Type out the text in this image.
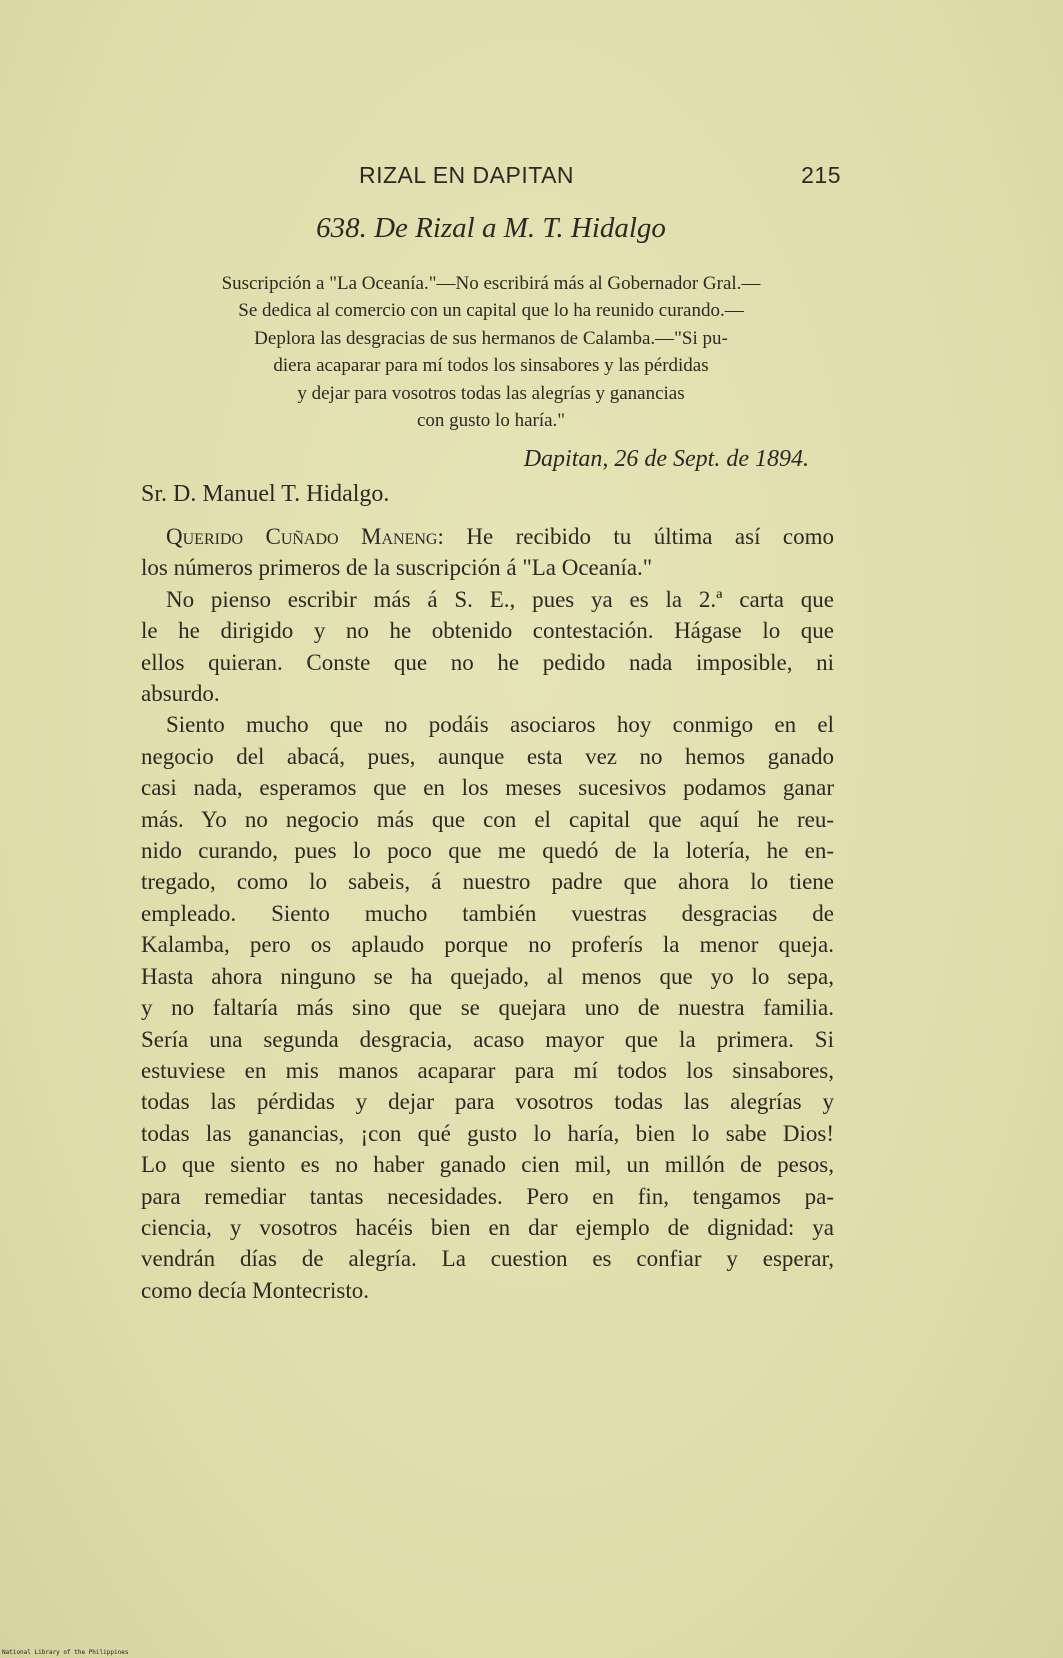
RIZAL EN DAPITAN	215
638. De Rizal a M. T. Hidalgo
Suscripción a "La Oceanía."—No escribirá más al Gobernador Gral.—
Se dedica al comercio con un capital que lo ha reunido curando.—
Deplora las desgracias de sus hermanos de Calamba.—"Si pu-
diera acaparar para mí todos los sinsabores y las pérdidas
y dejar para vosotros todas las alegrías y ganancias
con gusto lo haría."
Dapitan, 26 de Sept. de 1894.
Sr. D. Manuel T. Hidalgo.

Querido Cuñado Maneng: He recibido tu última así como
los números primeros de la suscripción á "La Oceanía."

No pienso escribir más á S. E., pues ya es la 2.ª carta que
le he dirigido y no he obtenido contestación. Hágase lo que
ellos quieran. Conste que no he pedido nada imposible, ni
absurdo.

Siento mucho que no podáis asociaros hoy conmigo en el
negocio del abacá, pues, aunque esta vez no hemos ganado
casi nada, esperamos que en los meses sucesivos podamos ganar
más. Yo no negocio más que con el capital que aquí he reu-
nido curando, pues lo poco que me quedó de la lotería, he en-
tregado, como lo sabeis, á nuestro padre que ahora lo tiene
empleado. Siento mucho también vuestras desgracias de
Kalamba, pero os aplaudo porque no proferís la menor queja.
Hasta ahora ninguno se ha quejado, al menos que yo lo sepa,
y no faltaría más sino que se quejara uno de nuestra familia.
Sería una segunda desgracia, acaso mayor que la primera. Si
estuviese en mis manos acaparar para mí todos los sinsabores,
todas las pérdidas y dejar para vosotros todas las alegrías y
todas las ganancias, ¡con qué gusto lo haría, bien lo sabe Dios!
Lo que siento es no haber ganado cien mil, un millón de pesos,
para remediar tantas necesidades. Pero en fin, tengamos pa-
ciencia, y vosotros hacéis bien en dar ejemplo de dignidad: ya
vendrán días de alegría. La cuestion es confiar y esperar,
como decía Montecristo.

National Library of the Philippines
